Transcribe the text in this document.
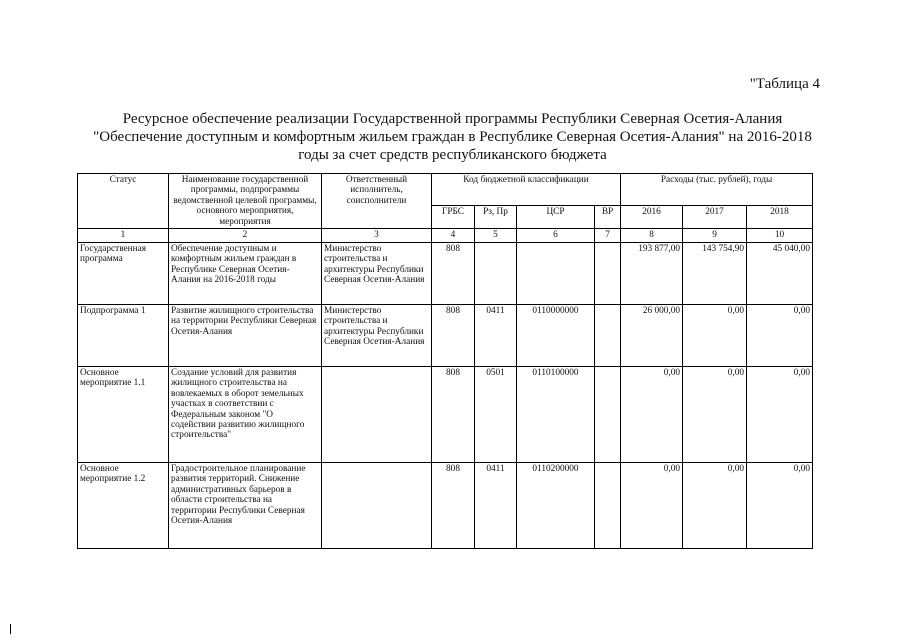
"Таблица 4
Ресурсное обеспечение реализации Государственной программы Республики Северная Осетия-Алания
"Обеспечение доступным и комфортным жильем граждан в Республике Северная Осетия-Алания" на 2016-2018
годы за счет средств республиканского бюджета
Статус	Наименование государственной программы, подпрограммы ведомственной целевой программы, основного мероприятия, мероприятия	Ответственный исполнитель, соисполнители	Код бюджетной классификации				Расходы (тыс. рублей), годы		
			ГРБС	Рз, Пр	ЦСР	ВР	2016	2017	2018
1	2	3	4	5	6	7	8	9	10
Государственная программа	Обеспечение доступным и комфортным жильем граждан в Республике Северная Осетия-Алания на 2016-2018 годы	Министерство строительства и архитектуры Республики Северная Осетия-Алания	808				193 877,00	143 754,90	45 040,00
Подпрограмма 1	Развитие жилищного строительства на территории Республики Северная Осетия-Алания	Министерство строительства и архитектуры Республики Северная Осетия-Алания	808	0411	0110000000		26 000,00	0,00	0,00
Основное мероприятие 1.1	Создание условий для развития жилищного строительства на вовлекаемых в оборот земельных участках в соответствии с Федеральным законом "О содействии развитию жилищного строительства"		808	0501	0110100000		0,00	0,00	0,00
Основное мероприятие 1.2	Градостроительное планирование развития территорий. Снижение административных барьеров в области строительства на территории Республики Северная Осетия-Алания		808	0411	0110200000		0,00	0,00	0,00
